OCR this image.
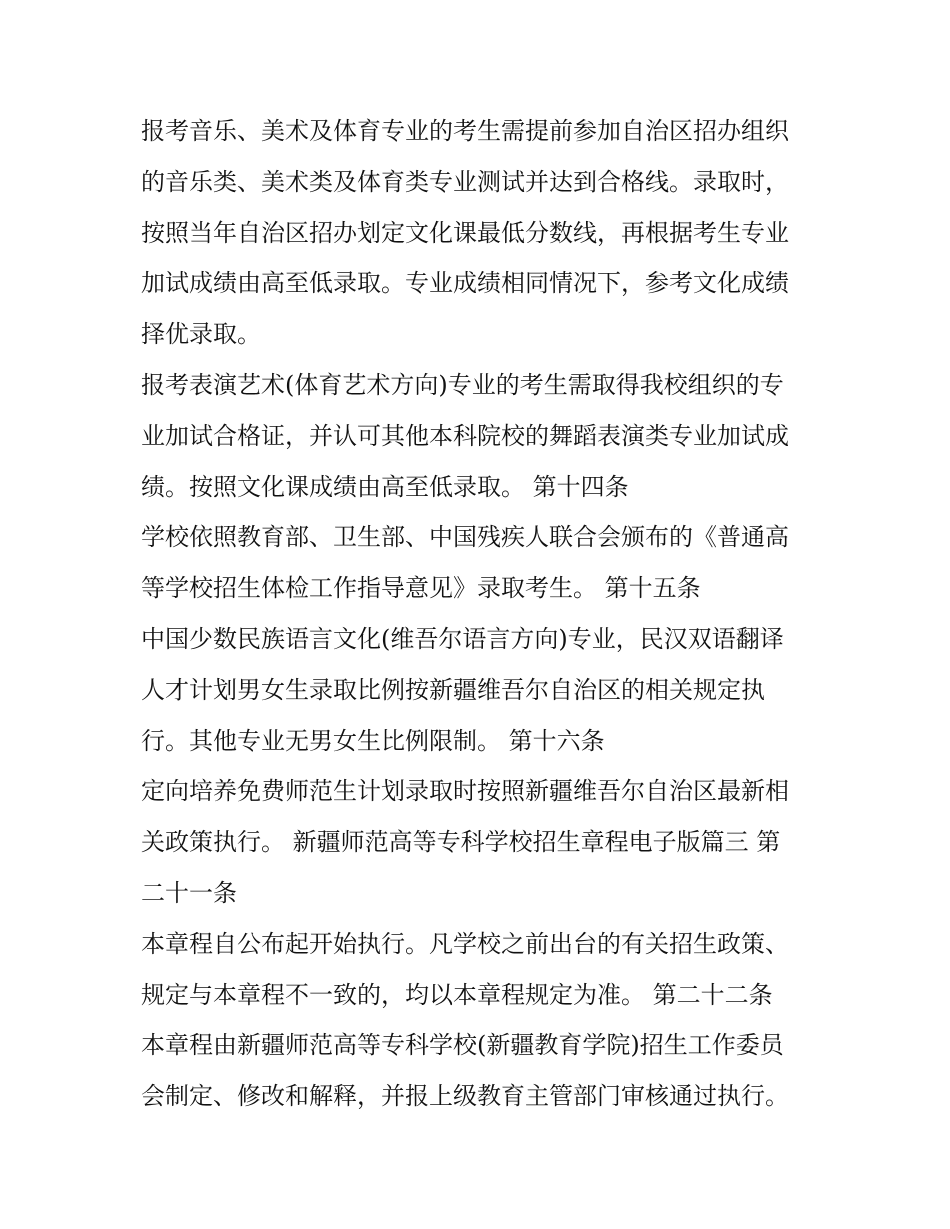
报考音乐、美术及体育专业的考生需提前参加自治区招办组织
的音乐类、美术类及体育类专业测试并达到合格线。录取时，
按照当年自治区招办划定文化课最低分数线，再根据考生专业
加试成绩由高至低录取。专业成绩相同情况下，参考文化成绩
择优录取。
报考表演艺术(体育艺术方向)专业的考生需取得我校组织的专
业加试合格证，并认可其他本科院校的舞蹈表演类专业加试成
绩。按照文化课成绩由高至低录取。 第十四条
学校依照教育部、卫生部、中国残疾人联合会颁布的《普通高
等学校招生体检工作指导意见》录取考生。 第十五条
中国少数民族语言文化(维吾尔语言方向)专业，民汉双语翻译
人才计划男女生录取比例按新疆维吾尔自治区的相关规定执
行。其他专业无男女生比例限制。 第十六条
定向培养免费师范生计划录取时按照新疆维吾尔自治区最新相
关政策执行。 新疆师范高等专科学校招生章程电子版篇三 第
二十一条
本章程自公布起开始执行。凡学校之前出台的有关招生政策、
规定与本章程不一致的，均以本章程规定为准。 第二十二条
本章程由新疆师范高等专科学校(新疆教育学院)招生工作委员
会制定、修改和解释，并报上级教育主管部门审核通过执行。
